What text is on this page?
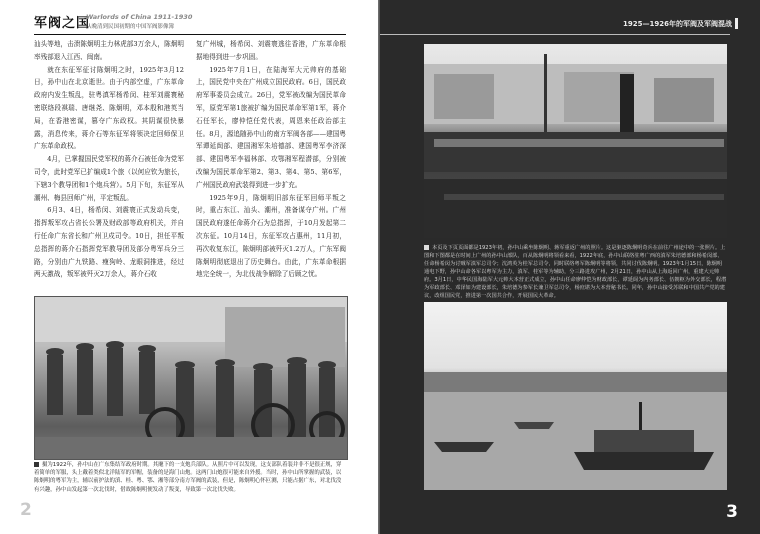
军阀之国
Warlords of China 1911-1930
从晚清到民国初期的中国军阀影像簿

汕头等地，击溃陈炯明主力林虎部3万余人，陈炯明率残部退入江西、闽南。

就在东征军征讨陈炯明之时，1925年3月12日，孙中山在北京逝世。由于内部空虚，广东革命政府内发生叛乱，驻粤滇军杨希闵、桂军刘震寰秘密联络段祺瑞、唐继尧、陈炯明，邓本殷和港英当局，在香港密谋，篡夺广东政权。其阴谋很快暴露，消息传来，蒋介石等东征军将领决定回师保卫广东革命政权。

4月，已掌握国民党军权的蒋介石被任命为党军司令，此时党军已扩编成1个旅（以何应钦为旅长，下辖3个教导团和1个炮兵营）。5月下旬，东征军从潮州、梅县回师广州，平定叛乱。

6月3、4日，杨希闵、刘震寰正式发动兵变，指挥叛军攻占省长公署及财政部等政府机关，并自行任命广东省长和广州卫戍司令。10日，担任平叛总指挥的蒋介石指挥党军教导团及部分粤军兵分三路，分别由广九铁路、瘦狗岭、龙眼洞推进，经过两天激战，叛军被歼灭2万余人，蒋介石收

复广州城，杨希闵、刘震寰逃往香港，广东革命根据地得到进一步巩固。

1925年7月1日，在陆海军大元帅府的基础上，国民党中央在广州成立国民政府。6日，国民政府军事委员会成立。26日，党军被改编为国民革命军，原党军第1旅被扩编为国民革命军第1军，蒋介石任军长，廖仲恺任党代表，周恩来任政治部主任。8月，源追随孙中山的南方军阀各部——建国粤军谭延闿部、建国湘军朱培德部、建国粤军李济深部、建国粤军李福林部、攻鄂湘军程潜部，分别被改编为国民革命军第2、第3、第4、第5、第6军，广州国民政府武装得到进一步扩充。

1925年9月，陈炯明旧部东征军回师平叛之时，重占东江、汕头、潮州，准备谋夺广州。广州国民政府遂任命蒋介石为总指挥，于10月发起第二次东征。10月14日，东征军攻占惠州，11月初，再次收复东江，陈炯明部被歼灭1.2万人，广东军阀陈炯明彻底退出了历史舞台。由此，广东革命根据地完全统一，为北伐战争解除了后顾之忧。

摄为1922年，孙中山在广东集结军政府时期。其麾下的一支炮兵部队。从照片中可以发现，这支部队着装并非不是很正规，穿着简单的军服，头上戴着类似北洋陆军的军帽，装备的是海门山炮。这两门山炮很可能来自外援。当时，孙中山所掌握的武装，以陈炯明的粤军为主，辅以前护法的滇、桂、粤、鄂、湘等部分南方军阀的武装，但是，陈炯明心怀叵测，只能占据广东，对北伐没有兴趣，孙中山发起第一次北伐时，借故陈炯明便发动了叛变，导致第一次北伐失败。
2
1925—1926年的军阀及军阀混战
本页及下页页面都是1923年初，孙中山乘坐陈炯明、蒋军重返广州的照片。这是驱逐陈炯明奇兵在前往广州途中的一张照片。上图和下图都是在时间上广州的孙中山部队，百从陈炯明将领看来看，1922年底，孙中山联络驻粤广西的滇军朱培德部和杨希闵部、任命杨希闵为讨贼军滇军总司令；沈鸿英为桂军总司令，同时联络粤军陈炯明等将领，共同讨伐陈炯明。1923年1月15日，陈炯明通电下野，孙中山命各军以粤军为主力，滇军、桂军等为辅助，分三路进攻广州，2月21日，孙中山从上海返回广州，重建大元帅府。3月1日，中华民国海陆军大元帅大本营正式成立，孙中山任命廖仲恺为财政部长，谭延闿为内务部长、伍朝枢为外交部长，程潜为军政部长、邓泽如为建设部长，朱培德为参军长兼卫军总司令，杨庶堪为大本营秘书长。同年，孙中山接受苏联和中国共产党的建议，改组国民党，推进第一次国共合作，开展国民大革命。
3
